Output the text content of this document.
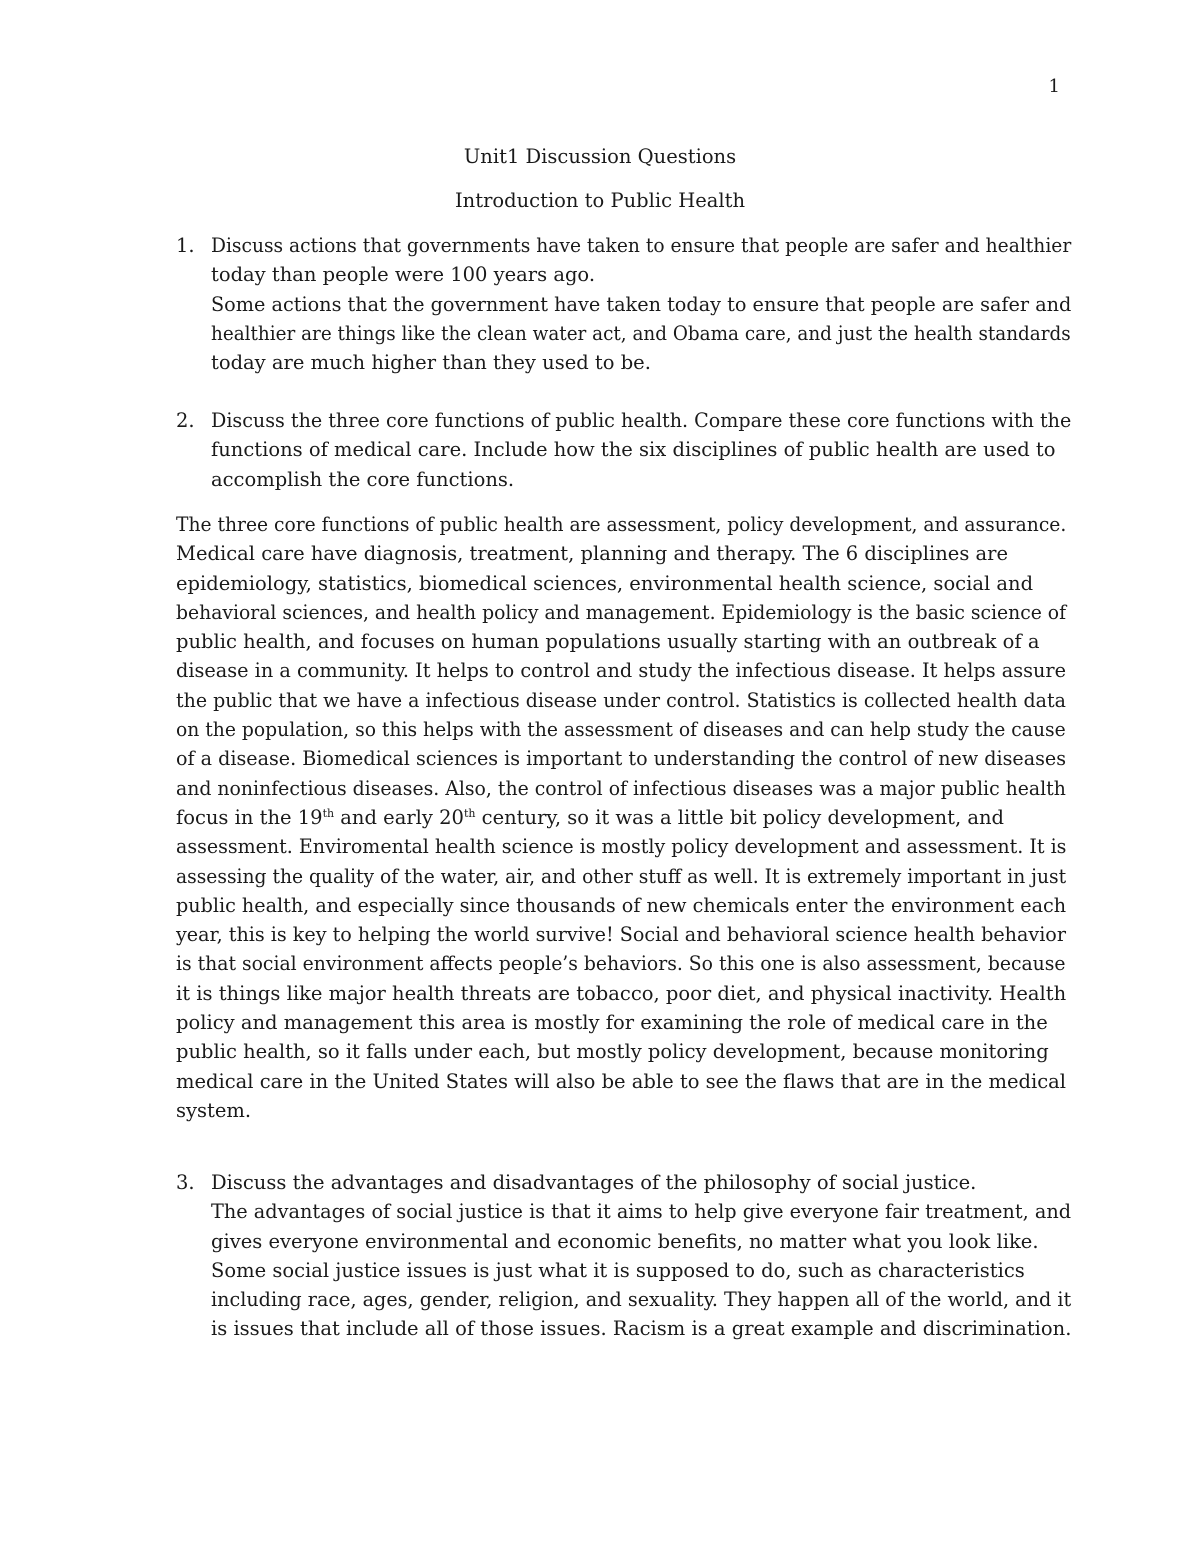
1
Unit1 Discussion Questions
Introduction to Public Health
1. Discuss actions that governments have taken to ensure that people are safer and healthier
today than people were 100 years ago.
Some actions that the government have taken today to ensure that people are safer and
healthier are things like the clean water act, and Obama care, and just the health standards
today are much higher than they used to be.
2. Discuss the three core functions of public health. Compare these core functions with the
functions of medical care. Include how the six disciplines of public health are used to
accomplish the core functions.
The three core functions of public health are assessment, policy development, and assurance.
Medical care have diagnosis, treatment, planning and therapy. The 6 disciplines are
epidemiology, statistics, biomedical sciences, environmental health science, social and
behavioral sciences, and health policy and management. Epidemiology is the basic science of
public health, and focuses on human populations usually starting with an outbreak of a
disease in a community. It helps to control and study the infectious disease. It helps assure
the public that we have a infectious disease under control. Statistics is collected health data
on the population, so this helps with the assessment of diseases and can help study the cause
of a disease. Biomedical sciences is important to understanding the control of new diseases
and noninfectious diseases. Also, the control of infectious diseases was a major public health
focus in the 19th and early 20th century, so it was a little bit policy development, and
assessment. Enviromental health science is mostly policy development and assessment. It is
assessing the quality of the water, air, and other stuff as well. It is extremely important in just
public health, and especially since thousands of new chemicals enter the environment each
year, this is key to helping the world survive! Social and behavioral science health behavior
is that social environment affects people’s behaviors. So this one is also assessment, because
it is things like major health threats are tobacco, poor diet, and physical inactivity. Health
policy and management this area is mostly for examining the role of medical care in the
public health, so it falls under each, but mostly policy development, because monitoring
medical care in the United States will also be able to see the flaws that are in the medical
system.
3. Discuss the advantages and disadvantages of the philosophy of social justice.
The advantages of social justice is that it aims to help give everyone fair treatment, and
gives everyone environmental and economic benefits, no matter what you look like.
Some social justice issues is just what it is supposed to do, such as characteristics
including race, ages, gender, religion, and sexuality. They happen all of the world, and it
is issues that include all of those issues. Racism is a great example and discrimination.
